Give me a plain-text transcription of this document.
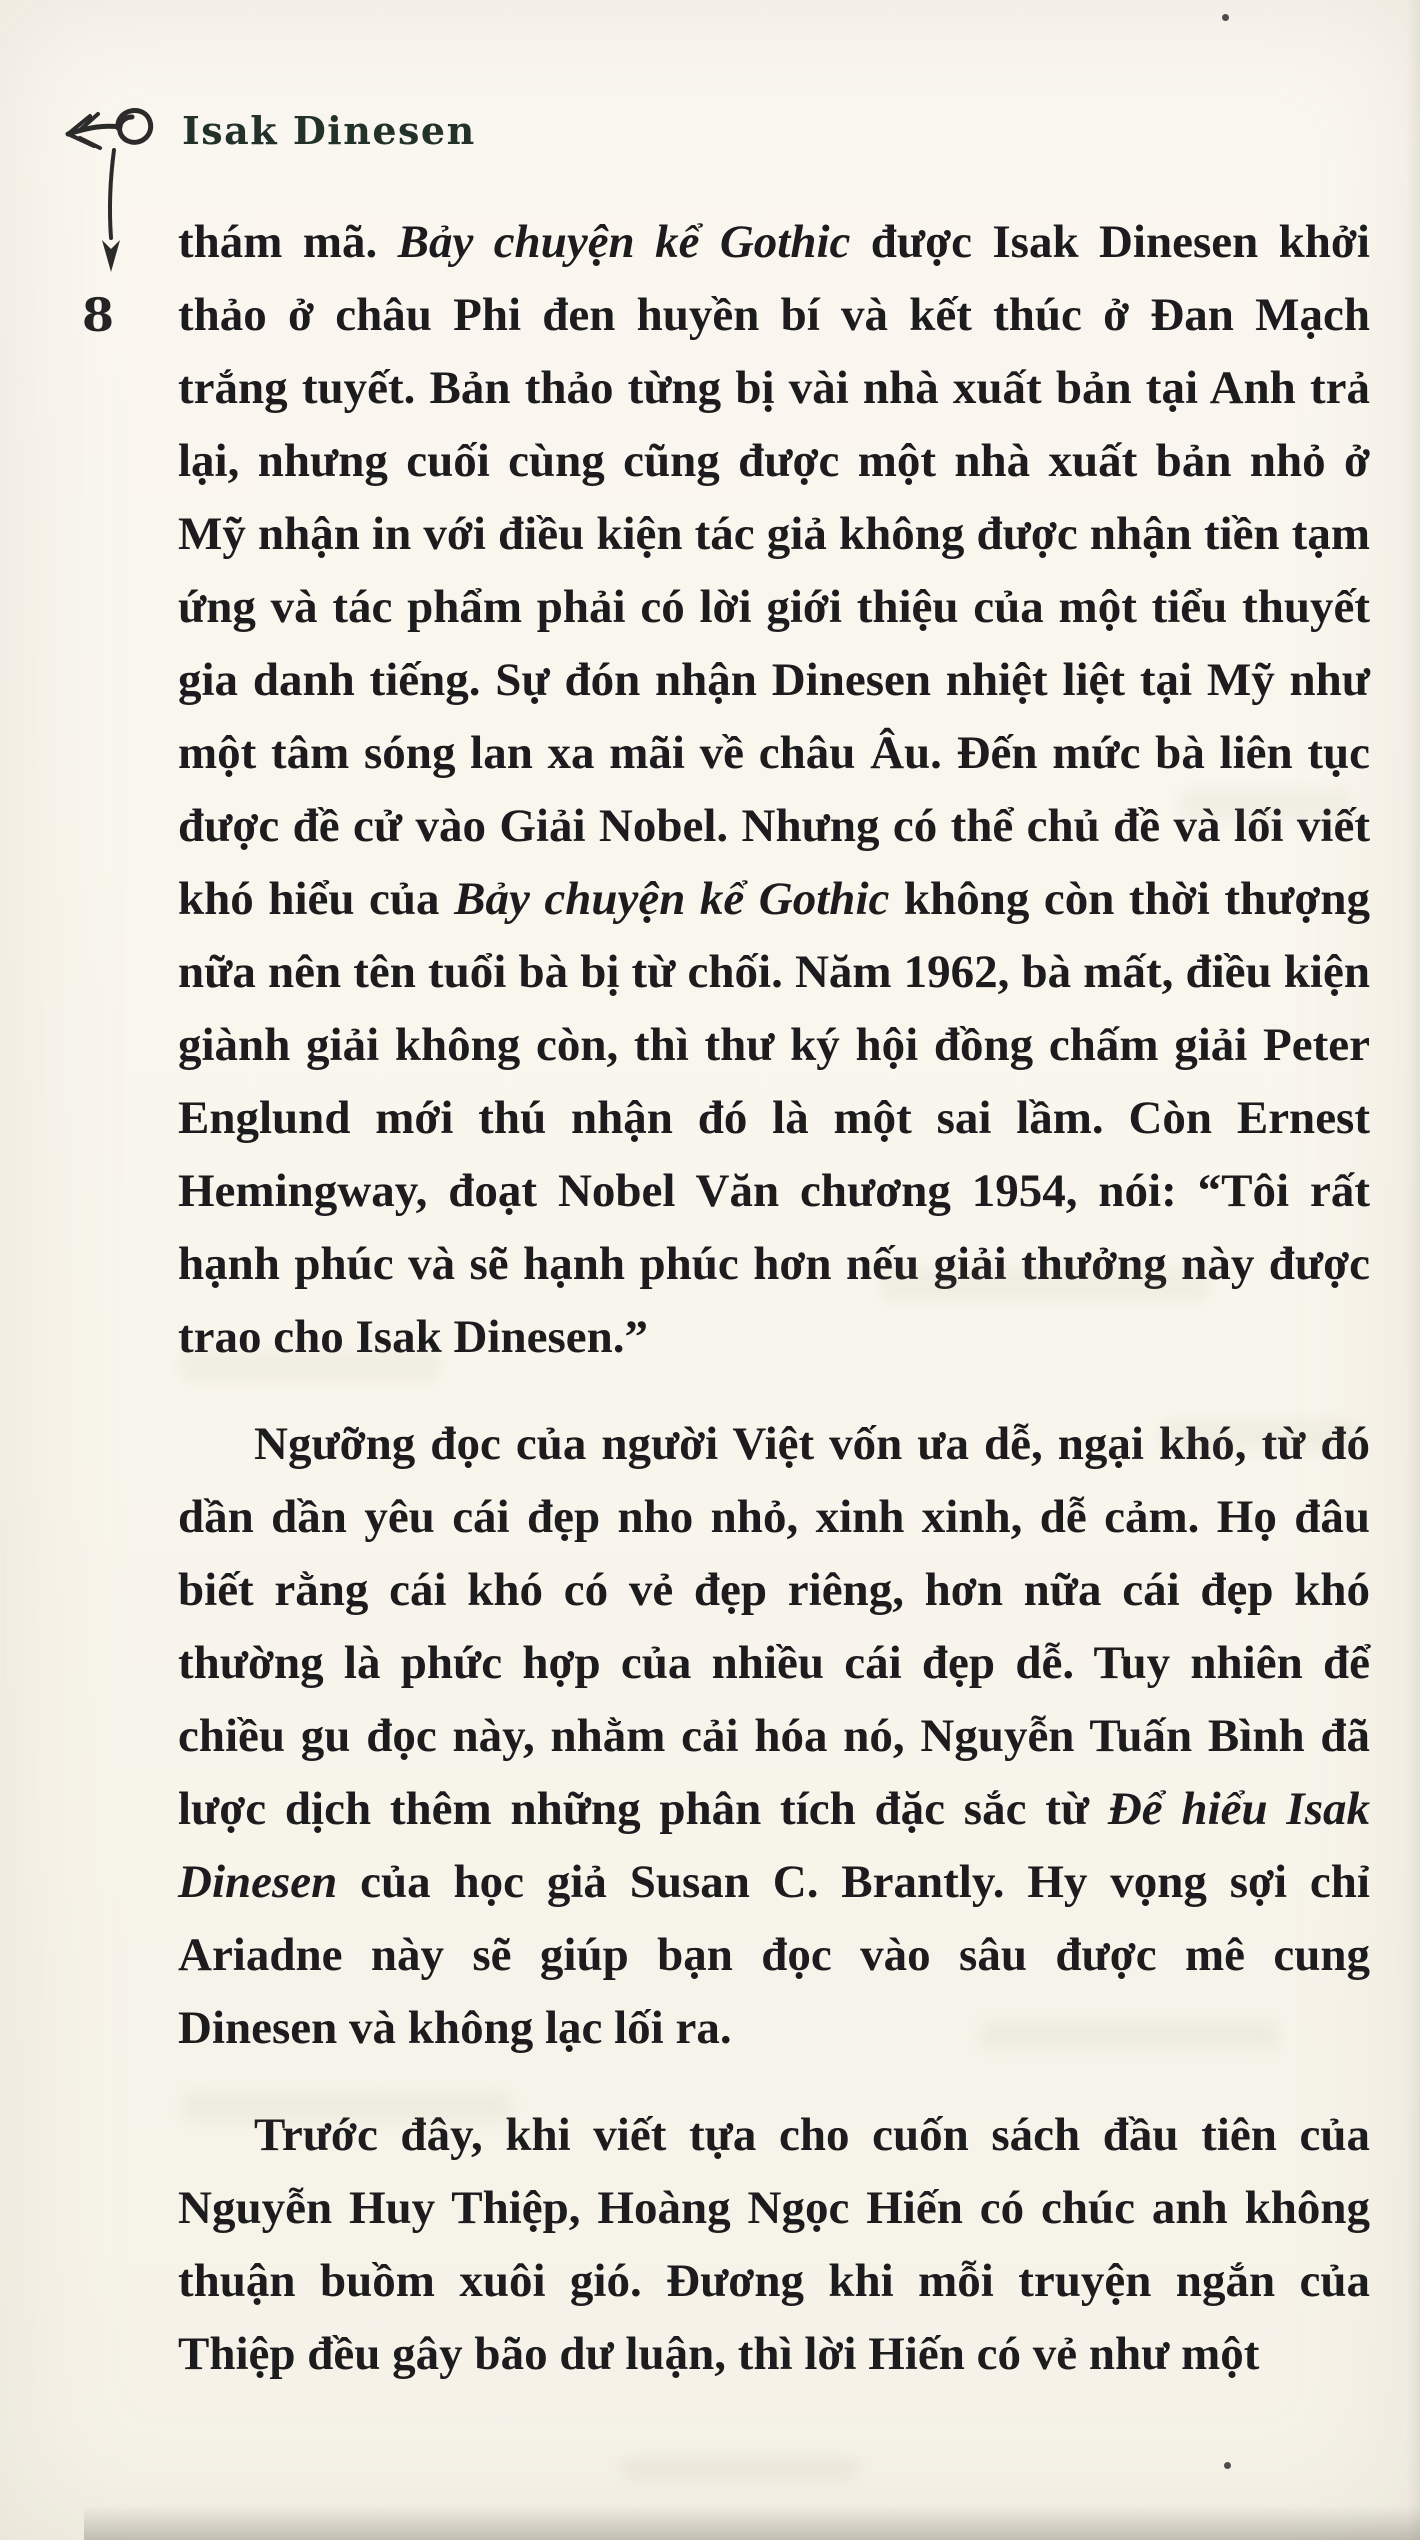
Isak Dinesen
8

thám mã. Bảy chuyện kể Gothic được Isak Dinesen khởi thảo ở châu Phi đen huyền bí và kết thúc ở Đan Mạch trắng tuyết. Bản thảo từng bị vài nhà xuất bản tại Anh trả lại, nhưng cuối cùng cũng được một nhà xuất bản nhỏ ở Mỹ nhận in với điều kiện tác giả không được nhận tiền tạm ứng và tác phẩm phải có lời giới thiệu của một tiểu thuyết gia danh tiếng. Sự đón nhận Dinesen nhiệt liệt tại Mỹ như một tâm sóng lan xa mãi về châu Âu. Đến mức bà liên tục được đề cử vào Giải Nobel. Nhưng có thể chủ đề và lối viết khó hiểu của Bảy chuyện kể Gothic không còn thời thượng nữa nên tên tuổi bà bị từ chối. Năm 1962, bà mất, điều kiện giành giải không còn, thì thư ký hội đồng chấm giải Peter Englund mới thú nhận đó là một sai lầm. Còn Ernest Hemingway, đoạt Nobel Văn chương 1954, nói: “Tôi rất hạnh phúc và sẽ hạnh phúc hơn nếu giải thưởng này được trao cho Isak Dinesen.”

Ngưỡng đọc của người Việt vốn ưa dễ, ngại khó, từ đó dần dần yêu cái đẹp nho nhỏ, xinh xinh, dễ cảm. Họ đâu biết rằng cái khó có vẻ đẹp riêng, hơn nữa cái đẹp khó thường là phức hợp của nhiều cái đẹp dễ. Tuy nhiên để chiều gu đọc này, nhằm cải hóa nó, Nguyễn Tuấn Bình đã lược dịch thêm những phân tích đặc sắc từ Để hiểu Isak Dinesen của học giả Susan C. Brantly. Hy vọng sợi chỉ Ariadne này sẽ giúp bạn đọc vào sâu được mê cung Dinesen và không lạc lối ra.

Trước đây, khi viết tựa cho cuốn sách đầu tiên của Nguyễn Huy Thiệp, Hoàng Ngọc Hiến có chúc anh không thuận buồm xuôi gió. Đương khi mỗi truyện ngắn của Thiệp đều gây bão dư luận, thì lời Hiến có vẻ như một
